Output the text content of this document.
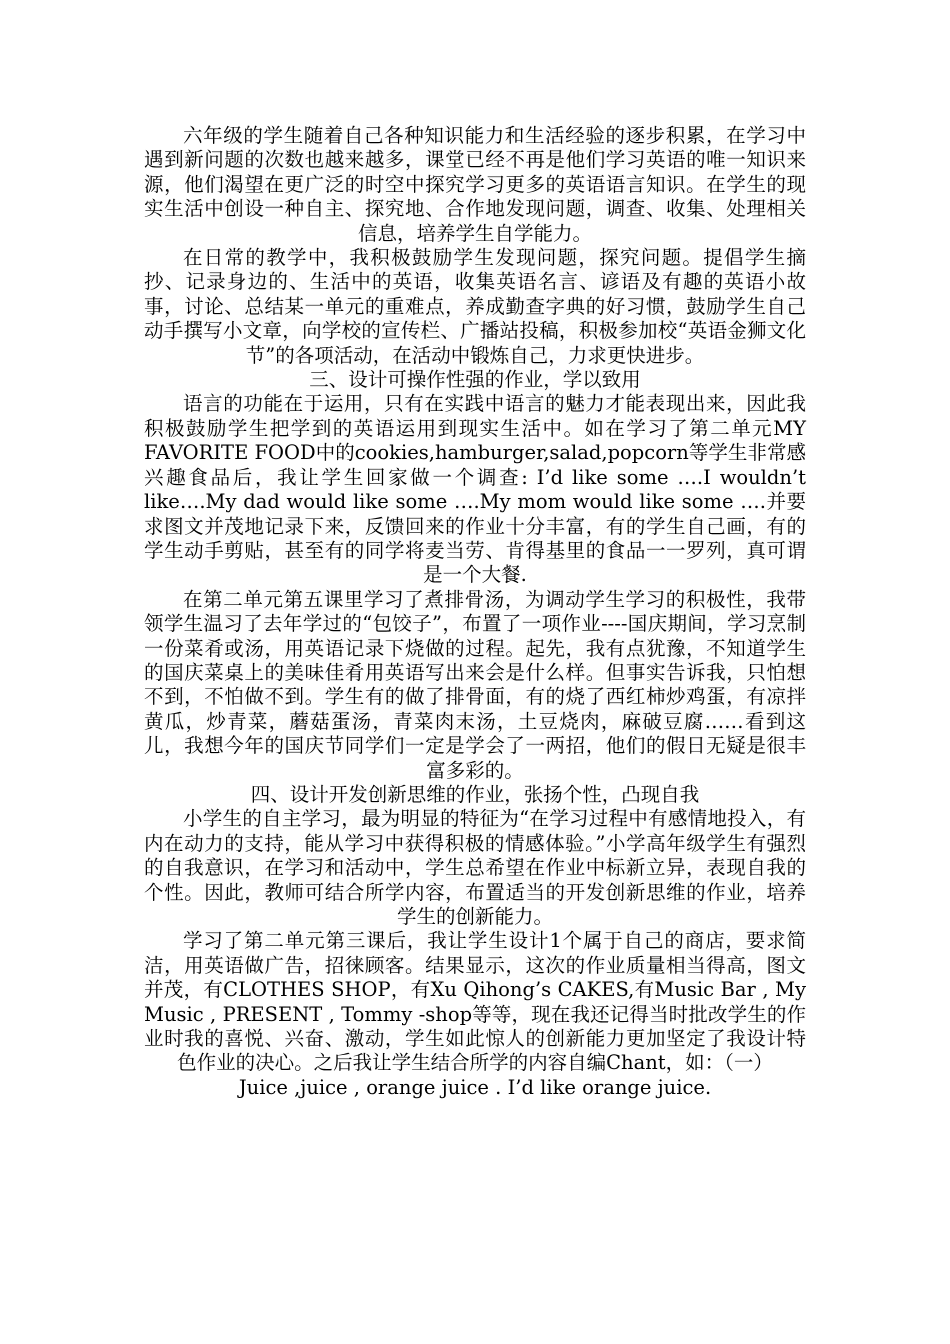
六年级的学生随着自己各种知识能力和生活经验的逐步积累，在学习中遇到新问题的次数也越来越多，课堂已经不再是他们学习英语的唯一知识来源，他们渴望在更广泛的时空中探究学习更多的英语语言知识。在学生的现实生活中创设一种自主、探究地、合作地发现问题，调查、收集、处理相关信息，培养学生自学能力。

在日常的教学中，我积极鼓励学生发现问题，探究问题。提倡学生摘抄、记录身边的、生活中的英语，收集英语名言、谚语及有趣的英语小故事，讨论、总结某一单元的重难点，养成勤查字典的好习惯，鼓励学生自己动手撰写小文章，向学校的宣传栏、广播站投稿，积极参加校“英语金狮文化节”的各项活动，在活动中锻炼自己，力求更快进步。

三、设计可操作性强的作业，学以致用

语言的功能在于运用，只有在实践中语言的魅力才能表现出来，因此我积极鼓励学生把学到的英语运用到现实生活中。如在学习了第二单元MY FAVORITE FOOD中的cookies,hamburger,salad,popcorn等学生非常感兴趣食品后，我让学生回家做一个调查: I’d like some ….I wouldn’t like….My dad would like some ….My mom would like some ….并要求图文并茂地记录下来，反馈回来的作业十分丰富，有的学生自己画，有的学生动手剪贴，甚至有的同学将麦当劳、肯得基里的食品一一罗列，真可谓是一个大餐.

在第二单元第五课里学习了煮排骨汤，为调动学生学习的积极性，我带领学生温习了去年学过的“包饺子”，布置了一项作业----国庆期间，学习烹制一份菜肴或汤，用英语记录下烧做的过程。起先，我有点犹豫，不知道学生的国庆菜桌上的美味佳肴用英语写出来会是什么样。但事实告诉我，只怕想不到，不怕做不到。学生有的做了排骨面，有的烧了西红柿炒鸡蛋，有凉拌黄瓜，炒青菜，蘑菇蛋汤，青菜肉末汤，土豆烧肉，麻破豆腐……看到这儿，我想今年的国庆节同学们一定是学会了一两招，他们的假日无疑是很丰富多彩的。

四、设计开发创新思维的作业，张扬个性，凸现自我

小学生的自主学习，最为明显的特征为“在学习过程中有感情地投入，有内在动力的支持，能从学习中获得积极的情感体验。”小学高年级学生有强烈的自我意识，在学习和活动中，学生总希望在作业中标新立异，表现自我的个性。因此，教师可结合所学内容，布置适当的开发创新思维的作业，培养学生的创新能力。

学习了第二单元第三课后，我让学生设计1个属于自己的商店，要求简洁，用英语做广告，招徕顾客。结果显示，这次的作业质量相当得高，图文并茂，有CLOTHES SHOP，有Xu Qihong’s CAKES,有Music Bar , My Music , PRESENT , Tommy -shop等等，现在我还记得当时批改学生的作业时我的喜悦、兴奋、激动，学生如此惊人的创新能力更加坚定了我设计特色作业的决心。之后我让学生结合所学的内容自编Chant，如：（一）

Juice ,juice , orange juice . I’d like orange juice.
